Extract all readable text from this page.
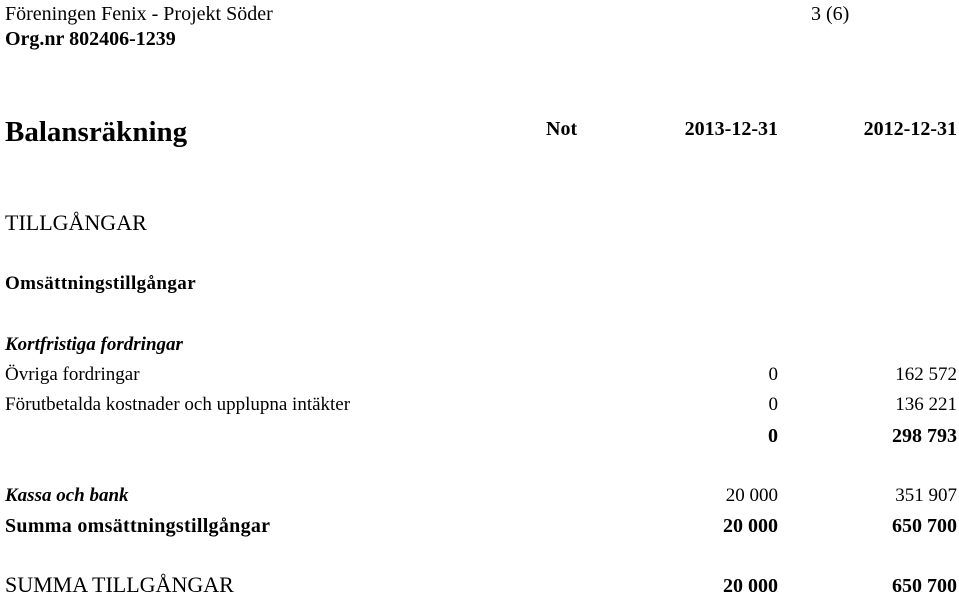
Föreningen Fenix - Projekt Söder
Org.nr 802406-1239
3 (6)
Balansräkning	Not	2013-12-31	2012-12-31
TILLGÅNGAR
Omsättningstillgångar
Kortfristiga fordringar
Övriga fordringar	0	162 572
Förutbetalda kostnader och upplupna intäkter	0	136 221
0	298 793
Kassa och bank	20 000	351 907
Summa omsättningstillgångar	20 000	650 700
SUMMA TILLGÅNGAR	20 000	650 700
